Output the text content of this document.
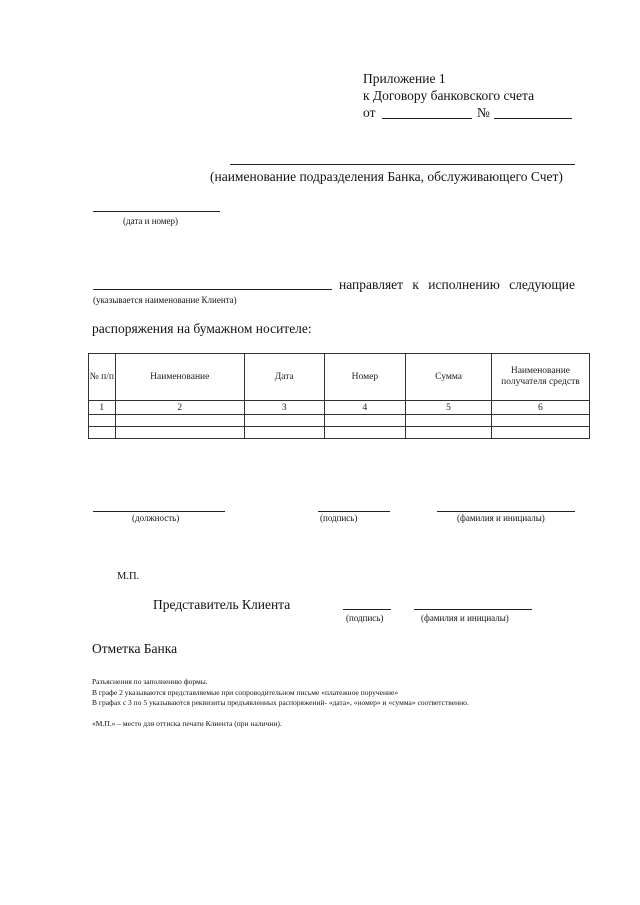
Приложение 1
к Договору банковского счета
от	№
(наименование подразделения Банка, обслуживающего Счет)
(дата и номер)
направляет к исполнению следующие
(указывается наименование Клиента)
распоряжения на бумажном носителе:
№ п/п	Наименование	Дата	Номер	Сумма	Наименование получателя средств
1	2	3	4	5	6

(должность)	(подпись)	(фамилия и инициалы)
М.П.
Представитель Клиента
(подпись)	(фамилия и инициалы)
Отметка Банка
Разъяснения по заполнению формы.
В графе 2 указываются представляемые при сопроводительном письме «платежное поручение»
В графах с 3 по 5 указываются реквизиты предъявленных распоряжений- «дата», «номер» и «сумма» соответственно.
«М.П.» – место для оттиска печати Клиента (при наличии).
